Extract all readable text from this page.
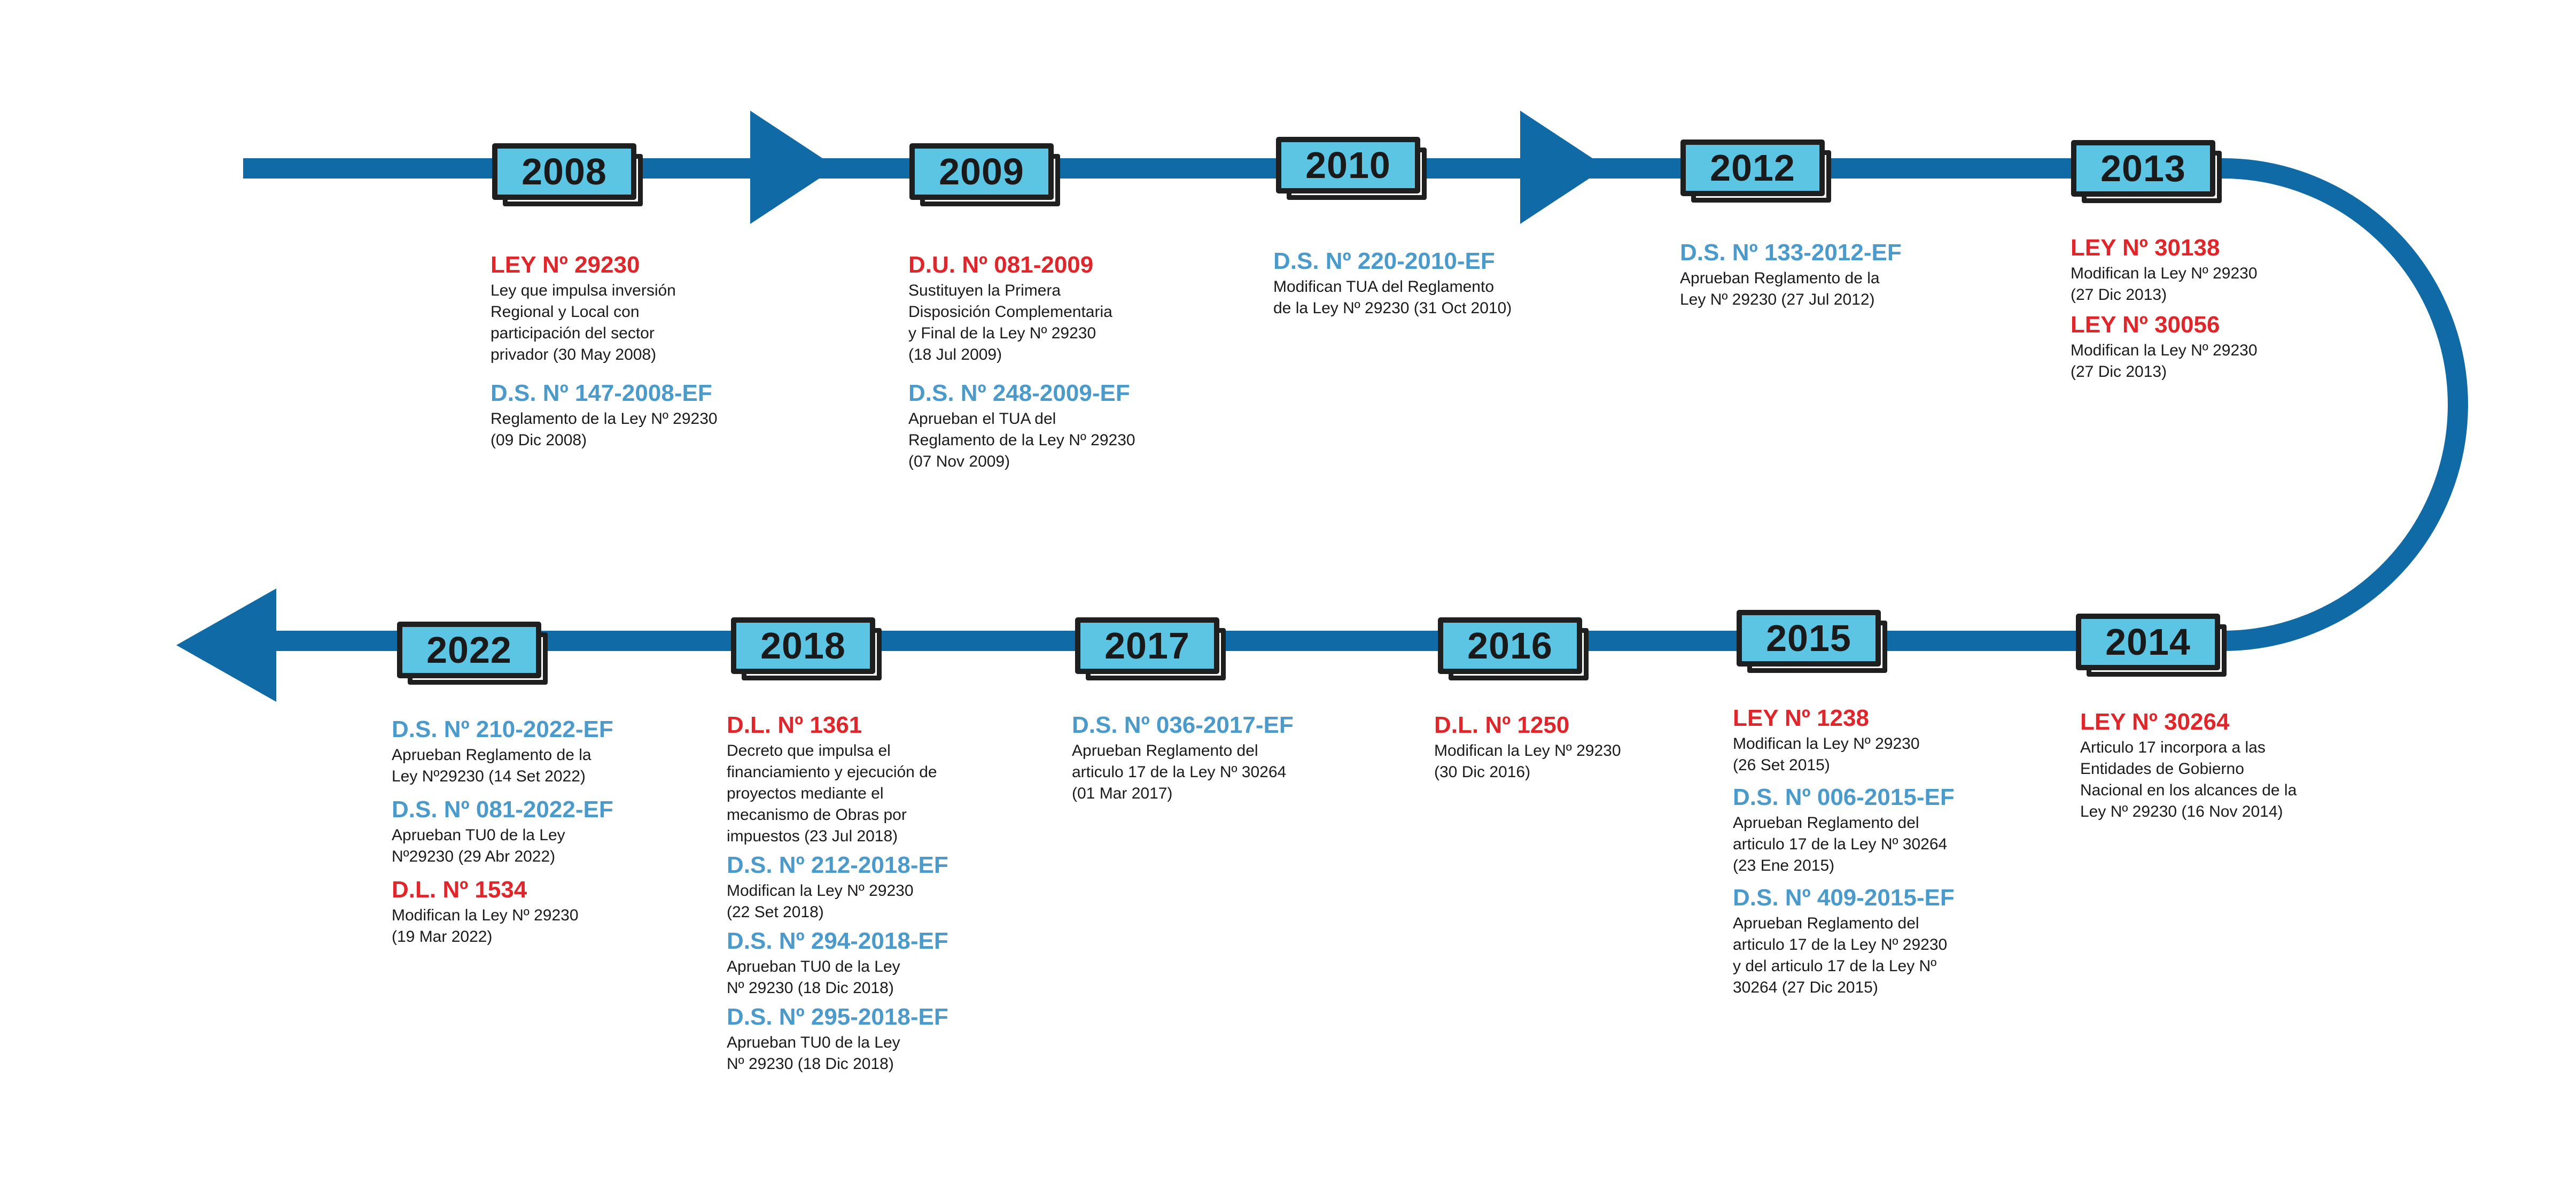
2008	2009	2010	2012	2013
2014
2015
2016
2017
2018
2022
LEY Nº 29230
Ley que impulsa inversión
Regional y Local con
participación del sector
privador (30 May 2008)
D.S. Nº 147-2008-EF
Reglamento de la Ley Nº 29230
(09 Dic 2008)
D.U. Nº 081-2009
Sustituyen la Primera
Disposición Complementaria
y Final de la Ley Nº 29230
(18 Jul 2009)
D.S. Nº 248-2009-EF
Aprueban el TUA del
Reglamento de la Ley Nº 29230
(07 Nov 2009)
D.S. Nº 220-2010-EF
Modifican TUA del Reglamento
de la Ley Nº 29230 (31 Oct 2010)
D.S. Nº 133-2012-EF
Aprueban Reglamento de la
Ley Nº 29230 (27 Jul 2012)
LEY Nº 30138
Modifican la Ley Nº 29230
(27 Dic 2013)
LEY Nº 30056
Modifican la Ley Nº 29230
(27 Dic 2013)
LEY Nº 30264
Articulo 17 incorpora a las
Entidades de Gobierno
Nacional en los alcances de la
Ley Nº 29230 (16 Nov 2014)
LEY Nº 1238
Modifican la Ley Nº 29230
(26 Set 2015)
D.S. Nº 006-2015-EF
Aprueban Reglamento del
articulo 17 de la Ley Nº 30264
(23 Ene 2015)
D.S. Nº 409-2015-EF
Aprueban Reglamento del
articulo 17 de la Ley Nº 29230
y del articulo 17 de la Ley Nº
30264 (27 Dic 2015)
D.L. Nº 1250
Modifican la Ley Nº 29230
(30 Dic 2016)
D.S. Nº 036-2017-EF
Aprueban Reglamento del
articulo 17 de la Ley Nº 30264
(01 Mar 2017)
D.L. Nº 1361
Decreto que impulsa el
financiamiento y ejecución de
proyectos mediante el
mecanismo de Obras por
impuestos (23 Jul 2018)
D.S. Nº 212-2018-EF
Modifican la Ley Nº 29230
(22 Set 2018)
D.S. Nº 294-2018-EF
Aprueban TU0 de la Ley
Nº 29230 (18 Dic 2018)
D.S. Nº 295-2018-EF
Aprueban TU0 de la Ley
Nº 29230 (18 Dic 2018)
D.S. Nº 210-2022-EF
Aprueban Reglamento de la
Ley Nº29230 (14 Set 2022)
D.S. Nº 081-2022-EF
Aprueban TU0 de la Ley
Nº29230 (29 Abr 2022)
D.L. Nº 1534
Modifican la Ley Nº 29230
(19 Mar 2022)
